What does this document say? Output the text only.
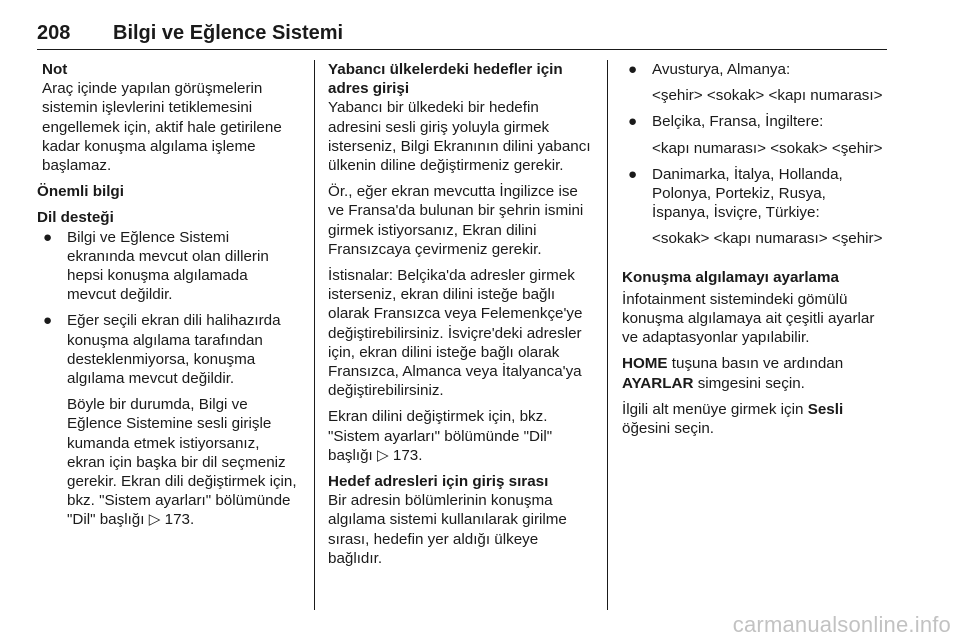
208 Bilgi ve Eğlence Sistemi

Not

Araç içinde yapılan görüşmelerin sistemin işlevlerini tetiklemesini engellemek için, aktif hale getirilene kadar konuşma algılama işleme başlamaz.

Önemli bilgi

Dil desteği

● Bilgi ve Eğlence Sistemi ekranında mevcut olan dillerin hepsi konuşma algılamada mevcut değildir.

● Eğer seçili ekran dili halihazırda konuşma algılama tarafından desteklenmiyorsa, konuşma algılama mevcut değildir.

Böyle bir durumda, Bilgi ve Eğlence Sistemine sesli girişle kumanda etmek istiyorsanız, ekran için başka bir dil seçmeniz gerekir. Ekran dili değiştirmek için, bkz. "Sistem ayarları" bölümünde "Dil" başlığı ▷ 173.

Yabancı ülkelerdeki hedefler için adres girişi

Yabancı bir ülkedeki bir hedefin adresini sesli giriş yoluyla girmek isterseniz, Bilgi Ekranının dilini yabancı ülkenin diline değiştirmeniz gerekir.

Ör., eğer ekran mevcutta İngilizce ise ve Fransa'da bulunan bir şehrin ismini girmek istiyorsanız, Ekran dilini Fransızcaya çevirmeniz gerekir.

İstisnalar: Belçika'da adresler girmek isterseniz, ekran dilini isteğe bağlı olarak Fransızca veya Felemenkçe'ye değiştirebilirsiniz. İsviçre'deki adresler için, ekran dilini isteğe bağlı olarak Fransızca, Almanca veya İtalyanca'ya değiştirebilirsiniz.

Ekran dilini değiştirmek için, bkz. "Sistem ayarları" bölümünde "Dil" başlığı ▷ 173.

Hedef adresleri için giriş sırası

Bir adresin bölümlerinin konuşma algılama sistemi kullanılarak girilme sırası, hedefin yer aldığı ülkeye bağlıdır.

● Avusturya, Almanya:

<şehir> <sokak> <kapı numarası>

● Belçika, Fransa, İngiltere:

<kapı numarası> <sokak> <şehir>

● Danimarka, İtalya, Hollanda, Polonya, Portekiz, Rusya, İspanya, İsviçre, Türkiye:

<sokak> <kapı numarası> <şehir>

Konuşma algılamayı ayarlama

İnfotainment sistemindeki gömülü konuşma algılamaya ait çeşitli ayarlar ve adaptasyonlar yapılabilir.

HOME tuşuna basın ve ardından AYARLAR simgesini seçin.

İlgili alt menüye girmek için Sesli öğesini seçin.

carmanualsonline.info
